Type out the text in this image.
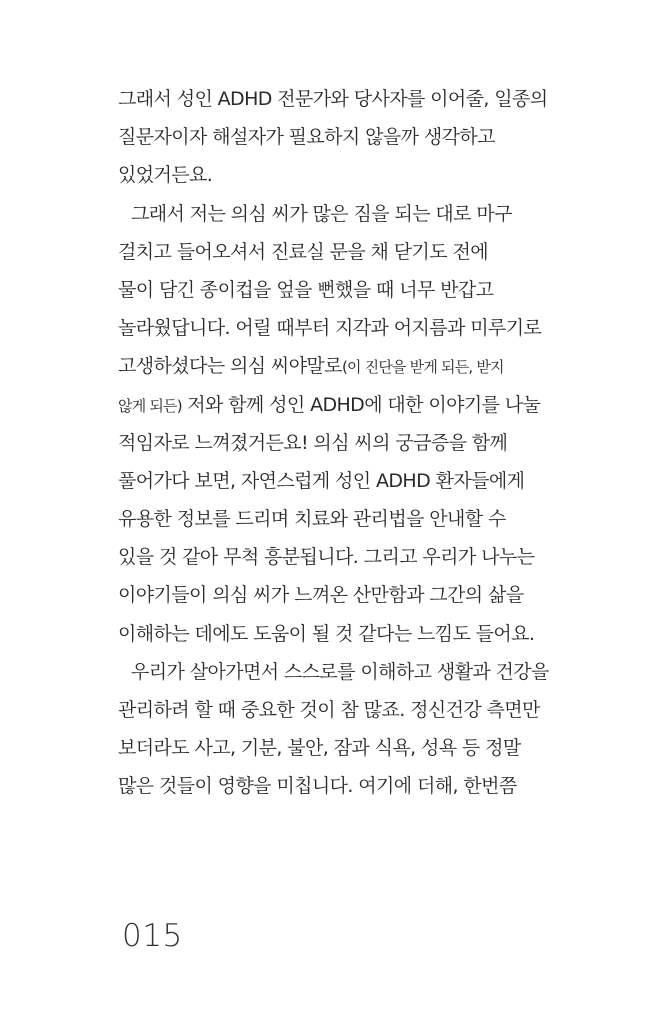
그래서 성인 ADHD 전문가와 당사자를 이어줄, 일종의
질문자이자 해설자가 필요하지 않을까 생각하고
있었거든요.
그래서 저는 의심 씨가 많은 짐을 되는 대로 마구
걸치고 들어오셔서 진료실 문을 채 닫기도 전에
물이 담긴 종이컵을 엎을 뻔했을 때 너무 반갑고
놀라웠답니다. 어릴 때부터 지각과 어지름과 미루기로
고생하셨다는 의심 씨야말로(이 진단을 받게 되든, 받지
않게 되든) 저와 함께 성인 ADHD에 대한 이야기를 나눌
적임자로 느껴졌거든요! 의심 씨의 궁금증을 함께
풀어가다 보면, 자연스럽게 성인 ADHD 환자들에게
유용한 정보를 드리며 치료와 관리법을 안내할 수
있을 것 같아 무척 흥분됩니다. 그리고 우리가 나누는
이야기들이 의심 씨가 느껴온 산만함과 그간의 삶을
이해하는 데에도 도움이 될 것 같다는 느낌도 들어요.
우리가 살아가면서 스스로를 이해하고 생활과 건강을
관리하려 할 때 중요한 것이 참 많죠. 정신건강 측면만
보더라도 사고, 기분, 불안, 잠과 식욕, 성욕 등 정말
많은 것들이 영향을 미칩니다. 여기에 더해, 한번쯤
015
